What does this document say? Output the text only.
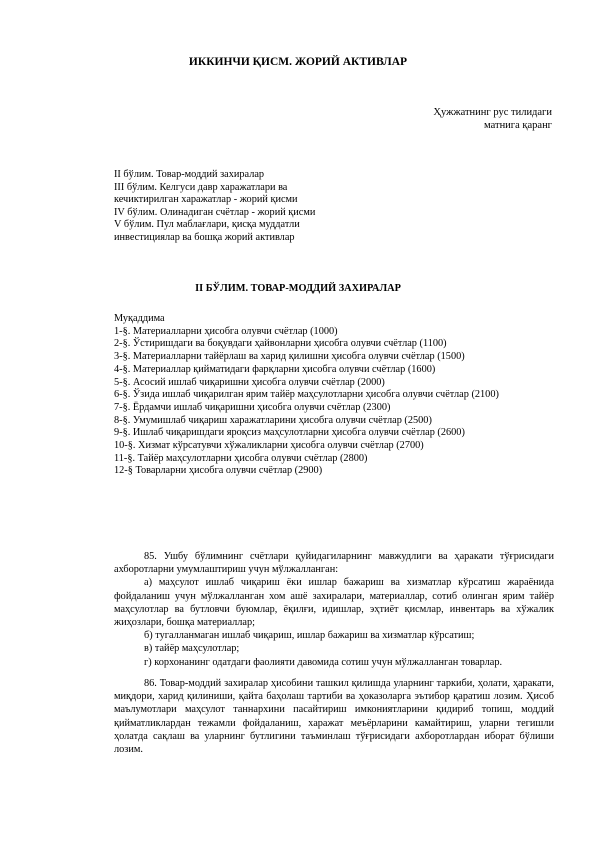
ИККИНЧИ ҚИСМ. ЖОРИЙ АКТИВЛАР
Ҳужжатнинг рус тилидаги
матнига қаранг
II бўлим. Товар-моддий захиралар
III бўлим. Келгуси давр харажатлари ва
кечиктирилган харажатлар - жорий қисми
IV бўлим. Олинадиган счётлар - жорий қисми
V бўлим. Пул маблағлари, қисқа муддатли
инвестициялар ва бошқа жорий активлар
II БЎЛИМ. ТОВАР-МОДДИЙ ЗАХИРАЛАР
Муқаддима
1-§. Материалларни ҳисобга олувчи счётлар (1000)
2-§. Ўстиришдаги ва боқувдаги ҳайвонларни ҳисобга олувчи счётлар (1100)
3-§. Материалларни тайёрлаш ва харид қилишни ҳисобга олувчи счётлар (1500)
4-§. Материаллар қийматидаги фарқларни ҳисобга олувчи счётлар (1600)
5-§. Асосий ишлаб чиқаришни ҳисобга олувчи счётлар (2000)
6-§. Ўзида ишлаб чиқарилган ярим тайёр маҳсулотларни ҳисобга олувчи счётлар (2100)
7-§. Ёрдамчи ишлаб чиқаришни ҳисобга олувчи счётлар (2300)
8-§. Умумишлаб чиқариш харажатларини ҳисобга олувчи счётлар (2500)
9-§. Ишлаб чиқаришдаги яроқсиз маҳсулотларни ҳисобга олувчи счётлар (2600)
10-§. Хизмат кўрсатувчи хўжаликларни ҳисобга олувчи счётлар (2700)
11-§. Тайёр маҳсулотларни ҳисобга олувчи счётлар (2800)
12-§ Товарларни ҳисобга олувчи счётлар (2900)
85. Ушбу бўлимнинг счётлари қуйидагиларнинг мавжудлиги ва ҳаракати тўғрисидаги ахборотларни умумлаштириш учун мўлжалланган:
а) маҳсулот ишлаб чиқариш ёки ишлар бажариш ва хизматлар кўрсатиш жараёнида фойдаланиш учун мўлжалланган хом ашё захиралари, материаллар, сотиб олинган ярим тайёр маҳсулотлар ва бутловчи буюмлар, ёқилғи, идишлар, эҳтиёт қисмлар, инвентарь ва хўжалик жиҳозлари, бошқа материаллар;
б) тугалланмаган ишлаб чиқариш, ишлар бажариш ва хизматлар кўрсатиш;
в) тайёр маҳсулотлар;
г) корхонанинг одатдаги фаолияти давомида сотиш учун мўлжалланган товарлар.
86. Товар-моддий захиралар ҳисобини ташкил қилишда уларнинг таркиби, ҳолати, ҳаракати, миқдори, харид қилиниши, қайта баҳолаш тартиби ва ҳоказоларга эътибор қаратиш лозим. Ҳисоб маълумотлари маҳсулот таннархини пасайтириш имкониятларини қидириб топиш, моддий қийматликлардан тежамли фойдаланиш, харажат меъёрларини камайтириш, уларни тегишли ҳолатда сақлаш ва уларнинг бутлигини таъминлаш тўғрисидаги ахборотлардан иборат бўлиши лозим.
